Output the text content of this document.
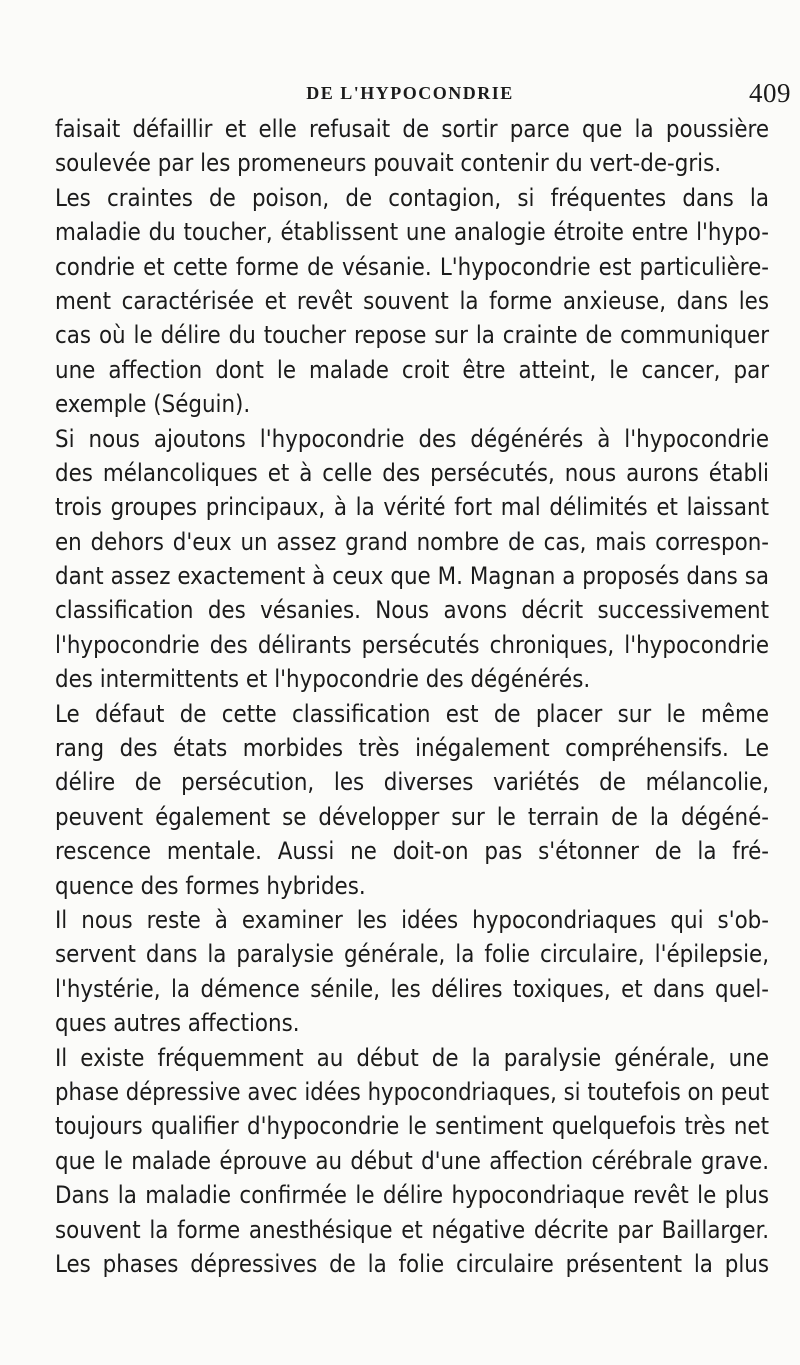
DE L'HYPOCONDRIE	409
faisait défaillir et elle refusait de sortir parce que la poussière
soulevée par les promeneurs pouvait contenir du vert-de-gris.
Les craintes de poison, de contagion, si fréquentes dans la
maladie du toucher, établissent une analogie étroite entre l'hypo-
condrie et cette forme de vésanie. L'hypocondrie est particulière-
ment caractérisée et revêt souvent la forme anxieuse, dans les
cas où le délire du toucher repose sur la crainte de communiquer
une affection dont le malade croit être atteint, le cancer, par
exemple (Séguin).
Si nous ajoutons l'hypocondrie des dégénérés à l'hypocondrie
des mélancoliques et à celle des persécutés, nous aurons établi
trois groupes principaux, à la vérité fort mal délimités et laissant
en dehors d'eux un assez grand nombre de cas, mais correspon-
dant assez exactement à ceux que M. Magnan a proposés dans sa
classification des vésanies. Nous avons décrit successivement
l'hypocondrie des délirants persécutés chroniques, l'hypocondrie
des intermittents et l'hypocondrie des dégénérés.
Le défaut de cette classification est de placer sur le même
rang des états morbides très inégalement compréhensifs. Le
délire de persécution, les diverses variétés de mélancolie,
peuvent également se développer sur le terrain de la dégéné-
rescence mentale. Aussi ne doit-on pas s'étonner de la fré-
quence des formes hybrides.
Il nous reste à examiner les idées hypocondriaques qui s'ob-
servent dans la paralysie générale, la folie circulaire, l'épilepsie,
l'hystérie, la démence sénile, les délires toxiques, et dans quel-
ques autres affections.
Il existe fréquemment au début de la paralysie générale, une
phase dépressive avec idées hypocondriaques, si toutefois on peut
toujours qualifier d'hypocondrie le sentiment quelquefois très net
que le malade éprouve au début d'une affection cérébrale grave.
Dans la maladie confirmée le délire hypocondriaque revêt le plus
souvent la forme anesthésique et négative décrite par Baillarger.
Les phases dépressives de la folie circulaire présentent la plus
